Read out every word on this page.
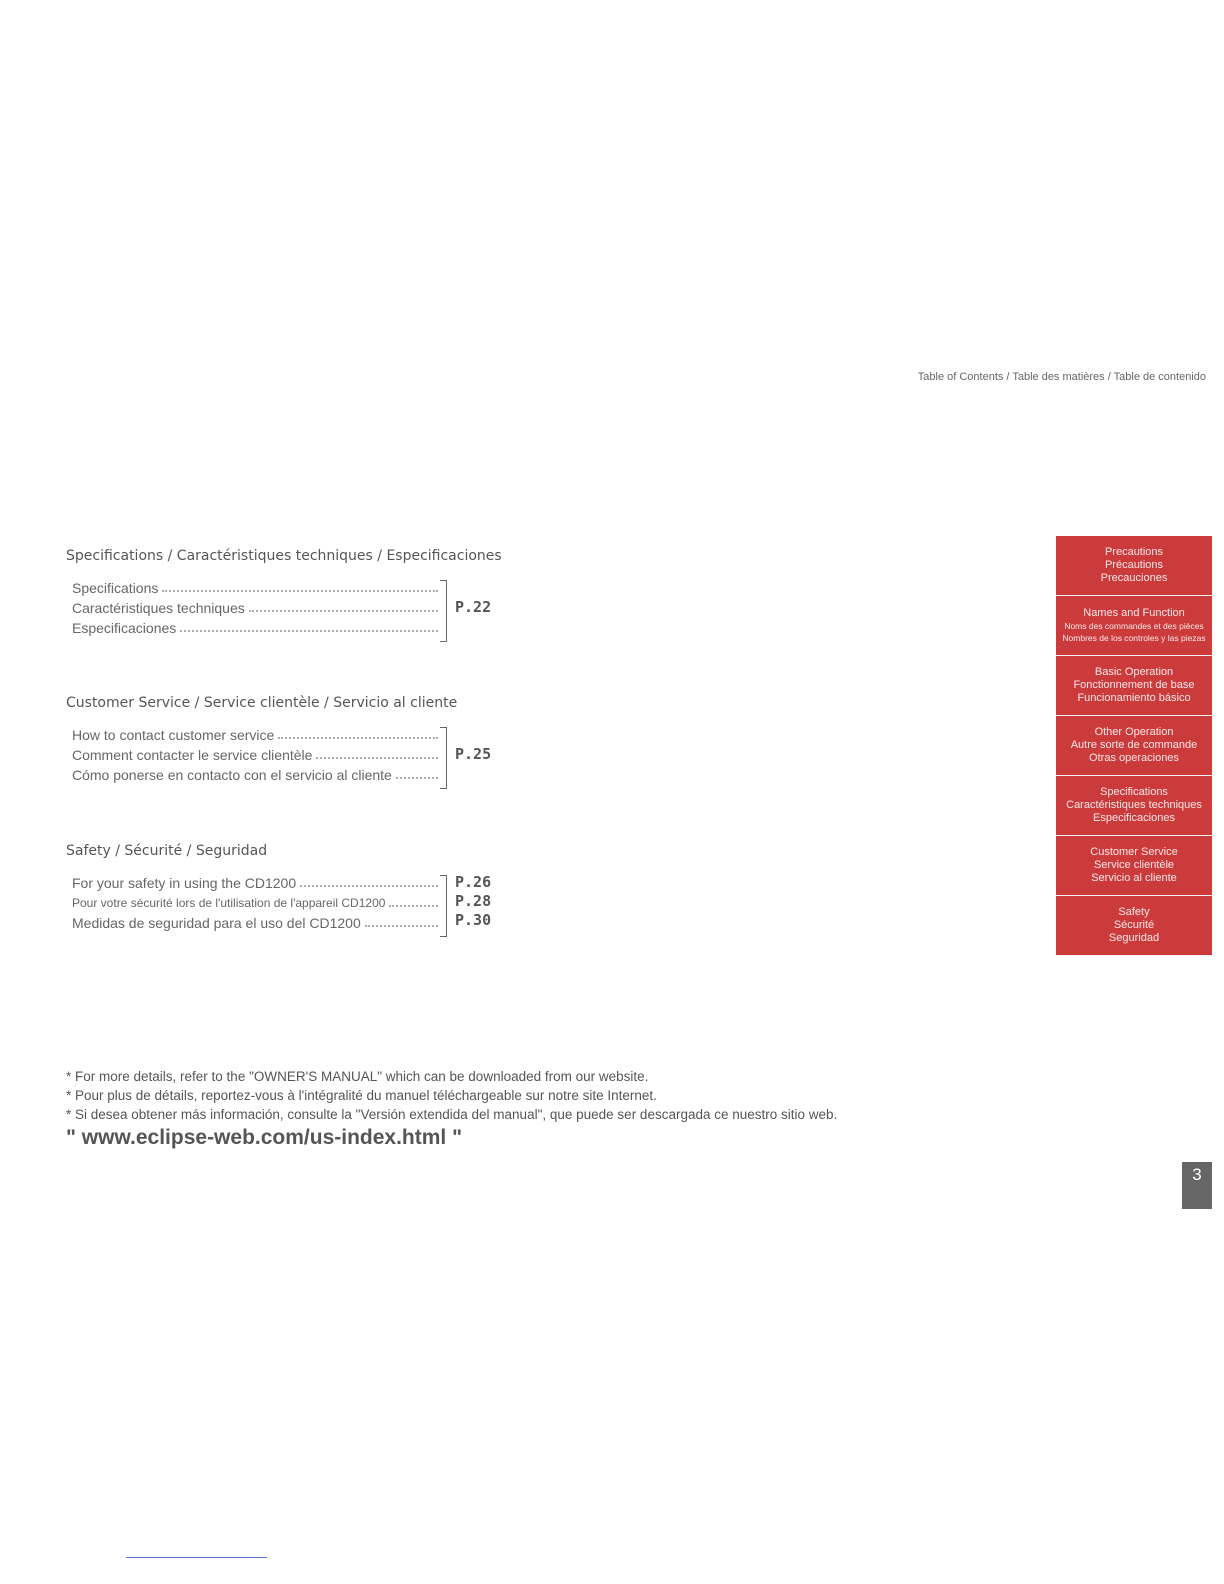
Table of Contents / Table des matières / Table de contenido
Specifications / Caractéristiques techniques / Especificaciones
Specifications
Caractéristiques techniques
Especificaciones
P.22
Customer Service / Service clientèle / Servicio al cliente
How to contact customer service
Comment contacter le service clientèle
Cómo ponerse en contacto con el servicio al cliente
P.25
Safety / Sécurité / Seguridad
For your safety in using the CD1200
Pour votre sécurité lors de l'utilisation de l'appareil CD1200
Medidas de seguridad para el uso del CD1200
P.26
P.28
P.30
* For more details, refer to the "OWNER'S MANUAL" which can be downloaded from our website.
* Pour plus de détails, reportez-vous à l'intégralité du manuel téléchargeable sur notre site Internet.
* Si desea obtener más información, consulte la "Versión extendida del manual", que puede ser descargada ce nuestro sitio web.
" www.eclipse-web.com/us-index.html "
Precautions
Précautions
Precauciones
Names and Function
Noms des commandes et des pièces
Nombres de los controles y las piezas
Basic Operation
Fonctionnement de base
Funcionamiento básico
Other Operation
Autre sorte de commande
Otras operaciones
Specifications
Caractéristiques techniques
Especificaciones
Customer Service
Service clientèle
Servicio al cliente
Safety
Sécurité
Seguridad
3
